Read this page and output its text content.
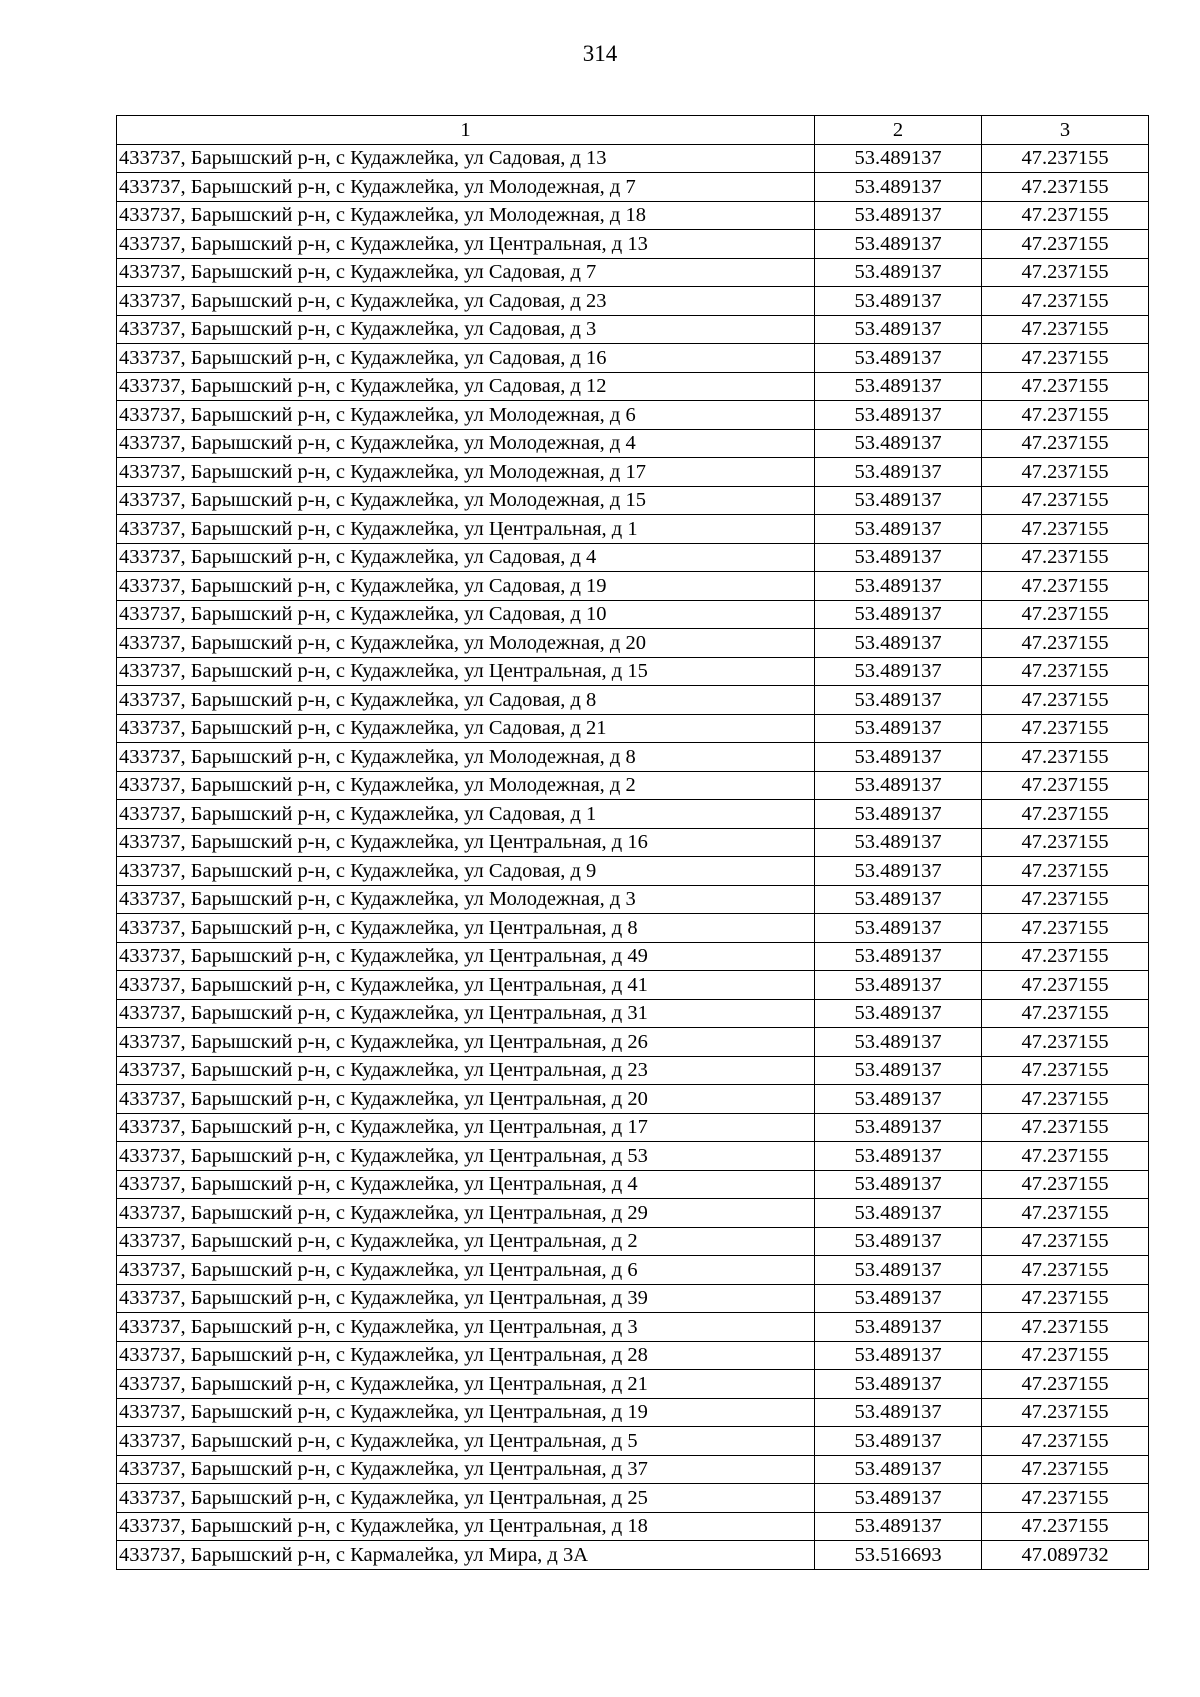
314
1	2	3
433737, Барышский р-н, с Кудажлейка, ул Садовая, д 13	53.489137	47.237155
433737, Барышский р-н, с Кудажлейка, ул Молодежная, д 7	53.489137	47.237155
433737, Барышский р-н, с Кудажлейка, ул Молодежная, д 18	53.489137	47.237155
433737, Барышский р-н, с Кудажлейка, ул Центральная, д 13	53.489137	47.237155
433737, Барышский р-н, с Кудажлейка, ул Садовая, д 7	53.489137	47.237155
433737, Барышский р-н, с Кудажлейка, ул Садовая, д 23	53.489137	47.237155
433737, Барышский р-н, с Кудажлейка, ул Садовая, д 3	53.489137	47.237155
433737, Барышский р-н, с Кудажлейка, ул Садовая, д 16	53.489137	47.237155
433737, Барышский р-н, с Кудажлейка, ул Садовая, д 12	53.489137	47.237155
433737, Барышский р-н, с Кудажлейка, ул Молодежная, д 6	53.489137	47.237155
433737, Барышский р-н, с Кудажлейка, ул Молодежная, д 4	53.489137	47.237155
433737, Барышский р-н, с Кудажлейка, ул Молодежная, д 17	53.489137	47.237155
433737, Барышский р-н, с Кудажлейка, ул Молодежная, д 15	53.489137	47.237155
433737, Барышский р-н, с Кудажлейка, ул Центральная, д 1	53.489137	47.237155
433737, Барышский р-н, с Кудажлейка, ул Садовая, д 4	53.489137	47.237155
433737, Барышский р-н, с Кудажлейка, ул Садовая, д 19	53.489137	47.237155
433737, Барышский р-н, с Кудажлейка, ул Садовая, д 10	53.489137	47.237155
433737, Барышский р-н, с Кудажлейка, ул Молодежная, д 20	53.489137	47.237155
433737, Барышский р-н, с Кудажлейка, ул Центральная, д 15	53.489137	47.237155
433737, Барышский р-н, с Кудажлейка, ул Садовая, д 8	53.489137	47.237155
433737, Барышский р-н, с Кудажлейка, ул Садовая, д 21	53.489137	47.237155
433737, Барышский р-н, с Кудажлейка, ул Молодежная, д 8	53.489137	47.237155
433737, Барышский р-н, с Кудажлейка, ул Молодежная, д 2	53.489137	47.237155
433737, Барышский р-н, с Кудажлейка, ул Садовая, д 1	53.489137	47.237155
433737, Барышский р-н, с Кудажлейка, ул Центральная, д 16	53.489137	47.237155
433737, Барышский р-н, с Кудажлейка, ул Садовая, д 9	53.489137	47.237155
433737, Барышский р-н, с Кудажлейка, ул Молодежная, д 3	53.489137	47.237155
433737, Барышский р-н, с Кудажлейка, ул Центральная, д 8	53.489137	47.237155
433737, Барышский р-н, с Кудажлейка, ул Центральная, д 49	53.489137	47.237155
433737, Барышский р-н, с Кудажлейка, ул Центральная, д 41	53.489137	47.237155
433737, Барышский р-н, с Кудажлейка, ул Центральная, д 31	53.489137	47.237155
433737, Барышский р-н, с Кудажлейка, ул Центральная, д 26	53.489137	47.237155
433737, Барышский р-н, с Кудажлейка, ул Центральная, д 23	53.489137	47.237155
433737, Барышский р-н, с Кудажлейка, ул Центральная, д 20	53.489137	47.237155
433737, Барышский р-н, с Кудажлейка, ул Центральная, д 17	53.489137	47.237155
433737, Барышский р-н, с Кудажлейка, ул Центральная, д 53	53.489137	47.237155
433737, Барышский р-н, с Кудажлейка, ул Центральная, д 4	53.489137	47.237155
433737, Барышский р-н, с Кудажлейка, ул Центральная, д 29	53.489137	47.237155
433737, Барышский р-н, с Кудажлейка, ул Центральная, д 2	53.489137	47.237155
433737, Барышский р-н, с Кудажлейка, ул Центральная, д 6	53.489137	47.237155
433737, Барышский р-н, с Кудажлейка, ул Центральная, д 39	53.489137	47.237155
433737, Барышский р-н, с Кудажлейка, ул Центральная, д 3	53.489137	47.237155
433737, Барышский р-н, с Кудажлейка, ул Центральная, д 28	53.489137	47.237155
433737, Барышский р-н, с Кудажлейка, ул Центральная, д 21	53.489137	47.237155
433737, Барышский р-н, с Кудажлейка, ул Центральная, д 19	53.489137	47.237155
433737, Барышский р-н, с Кудажлейка, ул Центральная, д 5	53.489137	47.237155
433737, Барышский р-н, с Кудажлейка, ул Центральная, д 37	53.489137	47.237155
433737, Барышский р-н, с Кудажлейка, ул Центральная, д 25	53.489137	47.237155
433737, Барышский р-н, с Кудажлейка, ул Центральная, д 18	53.489137	47.237155
433737, Барышский р-н, с Кармалейка, ул Мира, д 3А	53.516693	47.089732
